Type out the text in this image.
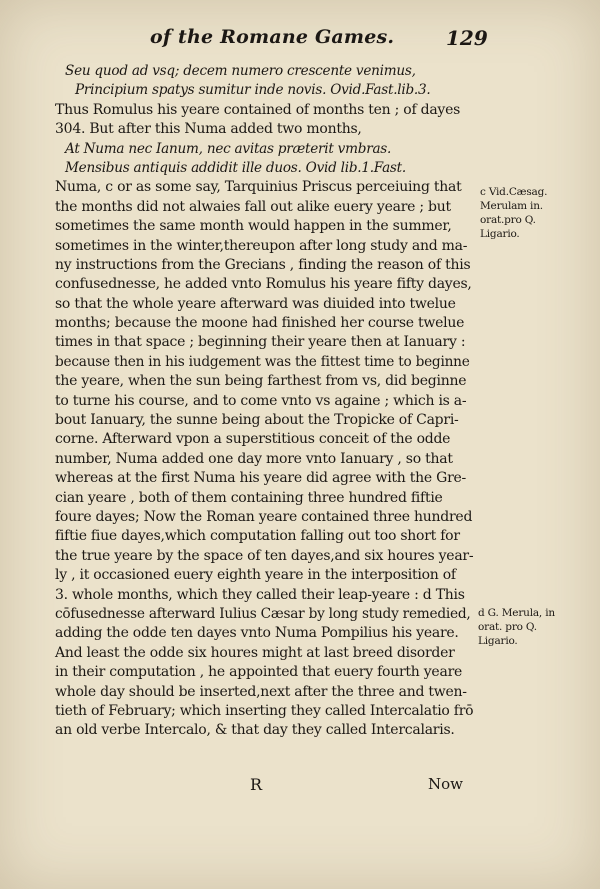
of the Romane Games.	129
Seu quod ad vsq; decem numero crescente venimus,
Principium spatys sumitur inde novis. Ovid.Fast.lib.3.
Thus Romulus his yeare contained of months ten ; of dayes
304. But after this Numa added two months,
At Numa nec Ianum, nec avitas præterit vmbras.
Mensibus antiquis addidit ille duos. Ovid lib.1.Fast.
Numa, c or as some say, Tarquinius Priscus perceiuing that
the months did not alwaies fall out alike euery yeare ; but
sometimes the same month would happen in the summer,
sometimes in the winter,thereupon after long study and ma-
ny instructions from the Grecians , finding the reason of this
confusednesse, he added vnto Romulus his yeare fifty dayes,
so that the whole yeare afterward was diuided into twelue
months; because the moone had finished her course twelue
times in that space ; beginning their yeare then at Ianuary :
because then in his iudgement was the fittest time to beginne
the yeare, when the sun being farthest from vs, did beginne
to turne his course, and to come vnto vs againe ; which is a-
bout Ianuary, the sunne being about the Tropicke of Capri-
corne. Afterward vpon a superstitious conceit of the odde
number, Numa added one day more vnto Ianuary , so that
whereas at the first Numa his yeare did agree with the Gre-
cian yeare , both of them containing three hundred fiftie
foure dayes; Now the Roman yeare contained three hundred
fiftie fiue dayes,which computation falling out too short for
the true yeare by the space of ten dayes,and six houres year-
ly , it occasioned euery eighth yeare in the interposition of
3. whole months, which they called their leap-yeare : d This
cōfusednesse afterward Iulius Cæsar by long study remedied,
adding the odde ten dayes vnto Numa Pompilius his yeare.
And least the odde six houres might at last breed disorder
in their computation , he appointed that euery fourth yeare
whole day should be inserted,next after the three and twen-
tieth of February; which inserting they called Intercalatio frō
an old verbe Intercalo, & that day they called Intercalaris.
c Vid.Cæsag. Merulam in. orat.pro Q. Ligario.
d G. Merula, in orat. pro Q. Ligario.
R	Now
